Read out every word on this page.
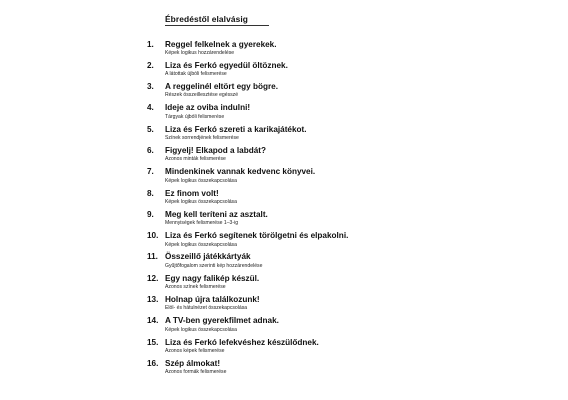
Ébredéstől elalvásig
1. Reggel felkelnek a gyerekek.
Képek logikus hozzárendelése
2. Liza és Ferkó egyedül öltöznek.
A látottak újbóli felismerése
3. A reggelinél eltört egy bögre.
Részek összeillesztése egésszé
4. Ideje az oviba indulni!
Tárgyak újbóli felismerése
5. Liza és Ferkó szereti a karikajátékot.
Színek sorrendjének felismerése
6. Figyelj! Elkapod a labdát?
Azonos minták felismerése
7. Mindenkinek vannak kedvenc könyvei.
Képek logikus összekapcsolása
8. Ez finom volt!
Képek logikus összekapcsolása
9. Meg kell teríteni az asztalt.
Mennyiségek felismerése 1–3-ig
10. Liza és Ferkó segítenek törölgetni és elpakolni.
Képek logikus összekapcsolása
11. Összeillő játékkártyák
Gyűjtőfogalom szerinti kép hozzárendelése
12. Egy nagy falikép készül.
Azonos színek felismerése
13. Holnap újra találkozunk!
Elöl- és hátulnézet összekapcsolása
14. A TV-ben gyerekfilmet adnak.
Képek logikus összekapcsolása
15. Liza és Ferkó lefekvéshez készülődnek.
Azonos képek felismerése
16. Szép álmokat!
Azonos formák felismerése
